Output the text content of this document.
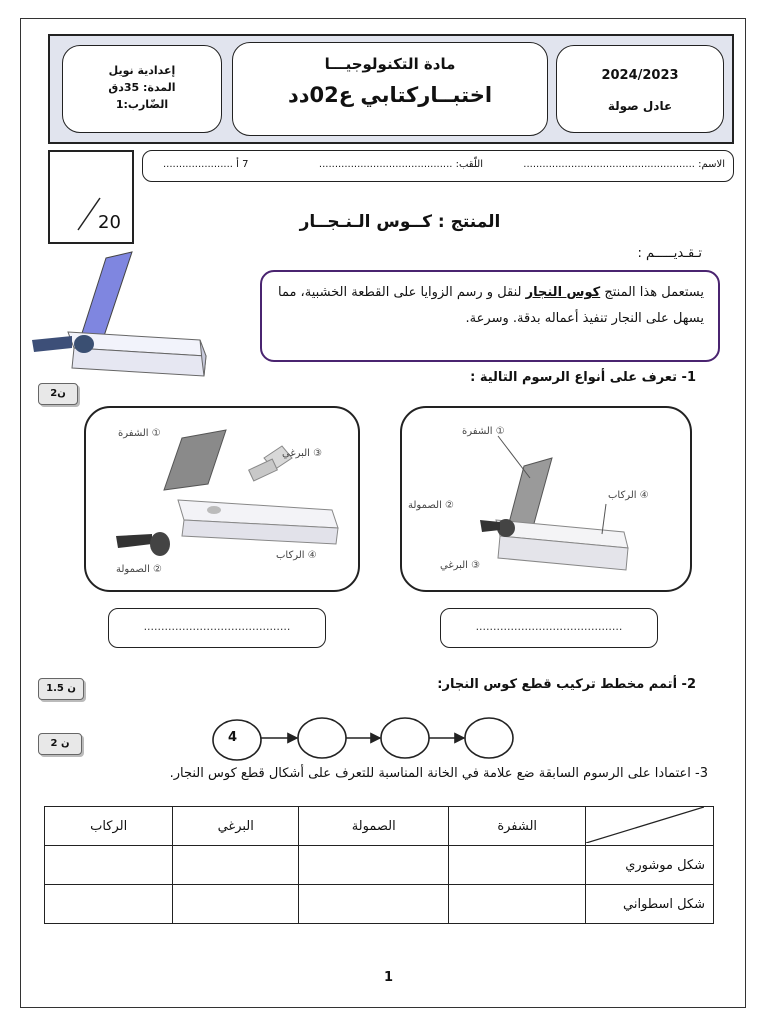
إعدادية نويل
المدة: 35دق
الضّارب:1
مادة التكنولوجيـــا
اختبــاركتابي ع02دد
2024/2023
عادل صولة
الاسم: ......................................................
اللّقب: ..........................................
7 أ ......................
20	المنتج : كــوس الـنـجــار
تـقـديـــــم :
يستعمل هذا المنتج كوس النجار لنقل و رسم الزوايا على القطعة الخشبية، مما يسهل على النجار تنفيذ أعماله بدقة. وسرعة.
1- تعرف على أنواع الرسوم التالية :
ن2
① الشفرة
③ البرغي
④ الركاب
② الصمولة
① الشفرة
④ الركاب
② الصمولة
③ البرغي
..........................................	..........................................
2- أتمم مخطط تركيب قطع كوس النجار:
1.5 ن
4
2 ن
3- اعتمادا على الرسوم السابقة ضع علامة في الخانة المناسبة للتعرف على أشكال قطع كوس النجار.
	الشفرة	الصمولة	البرغي	الركاب
شكل موشوري				
شكل اسطواني				
1
